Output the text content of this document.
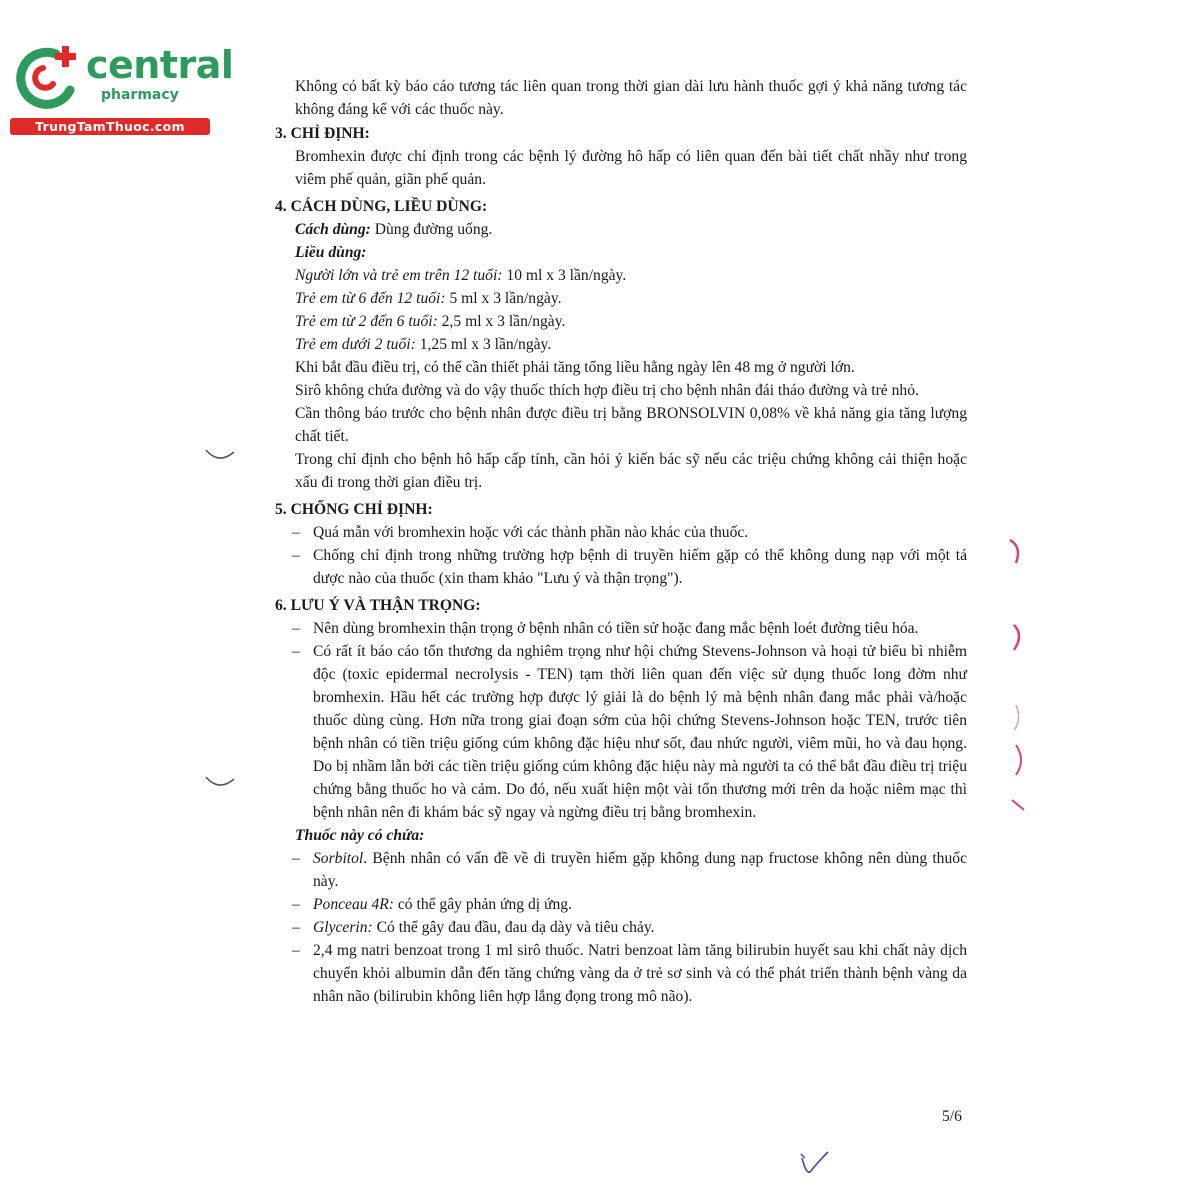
central
pharmacy
TrungTamThuoc.com

Không có bất kỳ báo cáo tương tác liên quan trong thời gian dài lưu hành thuốc gợi ý khả năng tương tác không đáng kể với các thuốc này.

3. CHỈ ĐỊNH:

Bromhexin được chỉ định trong các bệnh lý đường hô hấp có liên quan đến bài tiết chất nhầy như trong viêm phế quản, giãn phế quản.

4. CÁCH DÙNG, LIỀU DÙNG:

Cách dùng: Dùng đường uống.

Liều dùng:

Người lớn và trẻ em trên 12 tuổi: 10 ml x 3 lần/ngày.

Trẻ em từ 6 đến 12 tuổi: 5 ml x 3 lần/ngày.

Trẻ em từ 2 đến 6 tuổi: 2,5 ml x 3 lần/ngày.

Trẻ em dưới 2 tuổi: 1,25 ml x 3 lần/ngày.

Khi bắt đầu điều trị, có thể cần thiết phải tăng tổng liều hằng ngày lên 48 mg ở người lớn.

Sirô không chứa đường và do vậy thuốc thích hợp điều trị cho bệnh nhân đái tháo đường và trẻ nhỏ.

Cần thông báo trước cho bệnh nhân được điều trị bằng BRONSOLVIN 0,08% về khả năng gia tăng lượng chất tiết.

Trong chỉ định cho bệnh hô hấp cấp tính, cần hỏi ý kiến bác sỹ nếu các triệu chứng không cải thiện hoặc xấu đi trong thời gian điều trị.

5. CHỐNG CHỈ ĐỊNH:
– Quá mẫn với bromhexin hoặc với các thành phần nào khác của thuốc.
– Chống chỉ định trong những trường hợp bệnh di truyền hiếm gặp có thể không dung nạp với một tá dược nào của thuốc (xin tham khảo "Lưu ý và thận trọng").
6. LƯU Ý VÀ THẬN TRỌNG:
– Nên dùng bromhexin thận trọng ở bệnh nhân có tiền sử hoặc đang mắc bệnh loét đường tiêu hóa.
– Có rất ít báo cáo tổn thương da nghiêm trọng như hội chứng Stevens-Johnson và hoại tử biểu bì nhiễm độc (toxic epidermal necrolysis - TEN) tạm thời liên quan đến việc sử dụng thuốc long đờm như bromhexin. Hầu hết các trường hợp được lý giải là do bệnh lý mà bệnh nhân đang mắc phải và/hoặc thuốc dùng cùng. Hơn nữa trong giai đoạn sớm của hội chứng Stevens-Johnson hoặc TEN, trước tiên bệnh nhân có tiền triệu giống cúm không đặc hiệu như sốt, đau nhức người, viêm mũi, ho và đau họng. Do bị nhầm lẫn bởi các tiền triệu giống cúm không đặc hiệu này mà người ta có thể bắt đầu điều trị triệu chứng bằng thuốc ho và cảm. Do đó, nếu xuất hiện một vài tổn thương mới trên da hoặc niêm mạc thì bệnh nhân nên đi khám bác sỹ ngay và ngừng điều trị bằng bromhexin.

Thuốc này có chứa:

– Sorbitol. Bệnh nhân có vấn đề về di truyền hiếm gặp không dung nạp fructose không nên dùng thuốc này.
– Ponceau 4R: có thể gây phản ứng dị ứng.
– Glycerin: Có thể gây đau đầu, đau dạ dày và tiêu chảy.
– 2,4 mg natri benzoat trong 1 ml sirô thuốc. Natri benzoat làm tăng bilirubin huyết sau khi chất này dịch chuyển khỏi albumin dẫn đến tăng chứng vàng da ở trẻ sơ sinh và có thể phát triển thành bệnh vàng da nhân não (bilirubin không liên hợp lắng đọng trong mô não).
5/6
